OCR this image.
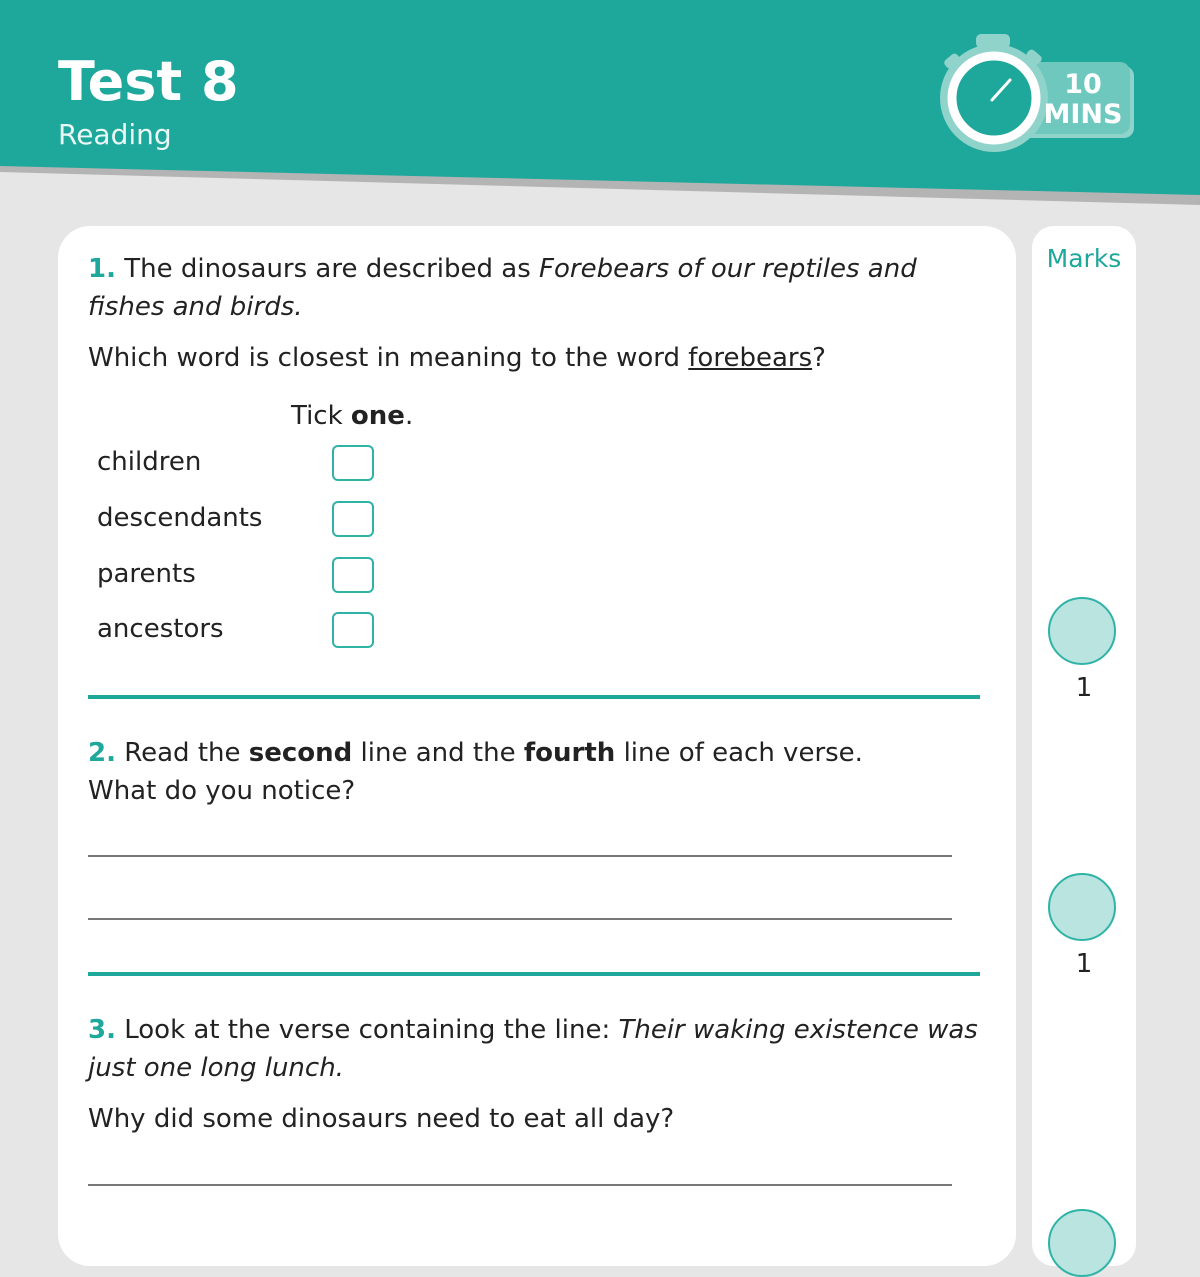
Test 8
Reading
10
MINS
1. The dinosaurs are described as Forebears of our reptiles and fishes and birds.
Which word is closest in meaning to the word forebears?
Tick one.
children
descendants
parents
ancestors
2. Read the second line and the fourth line of each verse.
What do you notice?
3. Look at the verse containing the line: Their waking existence was just one long lunch.
Why did some dinosaurs need to eat all day?
Marks
1
1
